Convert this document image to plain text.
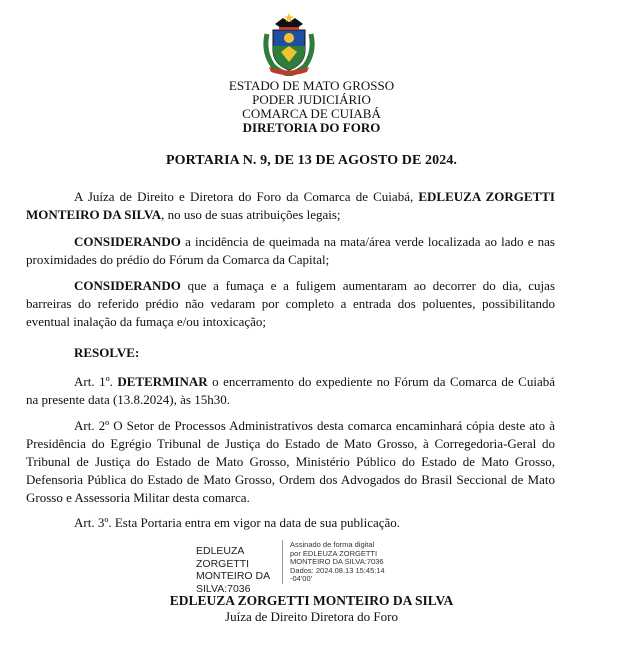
ESTADO DE MATO GROSSO
PODER JUDICIÁRIO
COMARCA DE CUIABÁ
DIRETORIA DO FORO
PORTARIA N. 9, DE 13 DE AGOSTO DE 2024.
A Juíza de Direito e Diretora do Foro da Comarca de Cuiabá, EDLEUZA ZORGETTI MONTEIRO DA SILVA, no uso de suas atribuições legais;
CONSIDERANDO a incidência de queimada na mata/área verde localizada ao lado e nas proximidades do prédio do Fórum da Comarca da Capital;
CONSIDERANDO que a fumaça e a fuligem aumentaram ao decorrer do dia, cujas barreiras do referido prédio não vedaram por completo a entrada dos poluentes, possibilitando eventual inalação da fumaça e/ou intoxicação;
RESOLVE:
Art. 1º. DETERMINAR o encerramento do expediente no Fórum da Comarca de Cuiabá na presente data (13.8.2024), às 15h30.
Art. 2º O Setor de Processos Administrativos desta comarca encaminhará cópia deste ato à Presidência do Egrégio Tribunal de Justiça do Estado de Mato Grosso, à Corregedoria-Geral do Tribunal de Justiça do Estado de Mato Grosso, Ministério Público do Estado de Mato Grosso, Defensoria Pública do Estado de Mato Grosso, Ordem dos Advogados do Brasil Seccional de Mato Grosso e Assessoria Militar desta comarca.
Art. 3º. Esta Portaria entra em vigor na data de sua publicação.
EDLEUZA ZORGETTI
MONTEIRO DA
SILVA:7036
Assinado de forma digital
por EDLEUZA ZORGETTI
MONTEIRO DA SILVA:7036
Dados: 2024.08.13 15:45:14
-04'00'
EDLEUZA ZORGETTI MONTEIRO DA SILVA
Juíza de Direito Diretora do Foro
